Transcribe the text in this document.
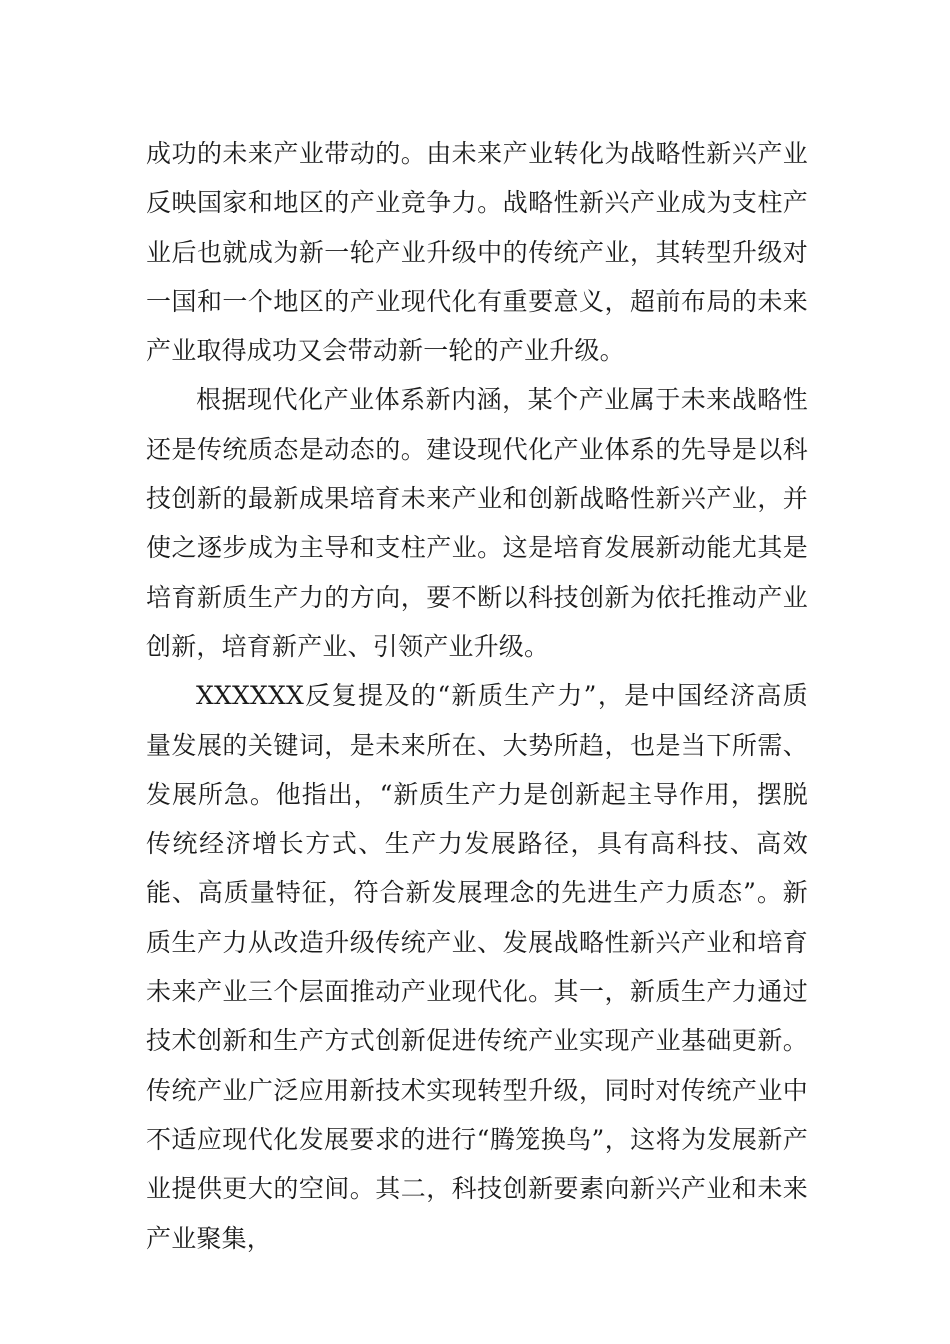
成功的未来产业带动的。由未来产业转化为战略性新兴产业反映国家和地区的产业竞争力。战略性新兴产业成为支柱产业后也就成为新一轮产业升级中的传统产业，其转型升级对一国和一个地区的产业现代化有重要意义，超前布局的未来产业取得成功又会带动新一轮的产业升级。

根据现代化产业体系新内涵，某个产业属于未来战略性还是传统质态是动态的。建设现代化产业体系的先导是以科技创新的最新成果培育未来产业和创新战略性新兴产业，并使之逐步成为主导和支柱产业。这是培育发展新动能尤其是培育新质生产力的方向，要不断以科技创新为依托推动产业创新，培育新产业、引领产业升级。

XXXXXX反复提及的“新质生产力”，是中国经济高质量发展的关键词，是未来所在、大势所趋，也是当下所需、发展所急。他指出，“新质生产力是创新起主导作用，摆脱传统经济增长方式、生产力发展路径，具有高科技、高效能、高质量特征，符合新发展理念的先进生产力质态”。新质生产力从改造升级传统产业、发展战略性新兴产业和培育未来产业三个层面推动产业现代化。其一，新质生产力通过技术创新和生产方式创新促进传统产业实现产业基础更新。传统产业广泛应用新技术实现转型升级，同时对传统产业中不适应现代化发展要求的进行“腾笼换鸟”，这将为发展新产业提供更大的空间。其二，科技创新要素向新兴产业和未来产业聚集，
